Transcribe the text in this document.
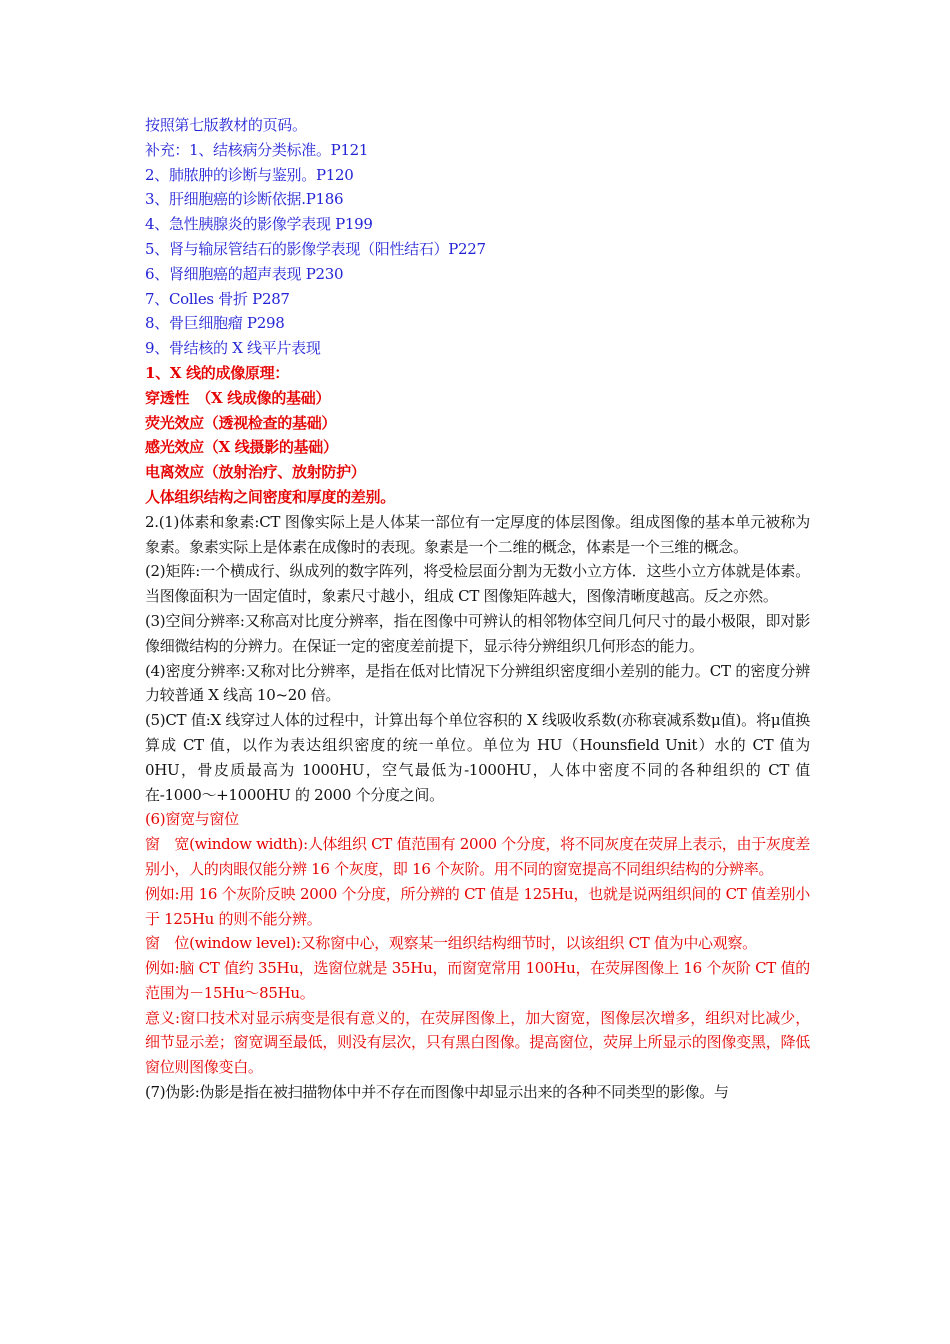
按照第七版教材的页码。
补充：1、结核病分类标准。P121
2、肺脓肿的诊断与鉴别。P120
3、肝细胞癌的诊断依据.P186
4、急性胰腺炎的影像学表现 P199
5、肾与输尿管结石的影像学表现（阳性结石）P227
6、肾细胞癌的超声表现 P230
7、Colles 骨折 P287
8、骨巨细胞瘤 P298
9、骨结核的 X 线平片表现
1、X 线的成像原理：
穿透性　（X 线成像的基础）
荧光效应（透视检查的基础）
感光效应（X 线摄影的基础）
电离效应（放射治疗、放射防护）
人体组织结构之间密度和厚度的差别。
2.(1)体素和象素:CT 图像实际上是人体某一部位有一定厚度的体层图像。组成图像的基本单元被称为象素。象素实际上是体素在成像时的表现。象素是一个二维的概念，体素是一个三维的概念。
(2)矩阵:一个横成行、纵成列的数字阵列，将受检层面分割为无数小立方体．这些小立方体就是体素。当图像面积为一固定值时，象素尺寸越小，组成 CT 图像矩阵越大，图像清晰度越高。反之亦然。
(3)空间分辨率:又称高对比度分辨率，指在图像中可辨认的相邻物体空间几何尺寸的最小极限，即对影像细微结构的分辨力。在保证一定的密度差前提下，显示待分辨组织几何形态的能力。
(4)密度分辨率:又称对比分辨率，是指在低对比情况下分辨组织密度细小差别的能力。CT 的密度分辨力较普通 X 线高 10~20 倍。
(5)CT 值:X 线穿过人体的过程中，计算出每个单位容积的 X 线吸收系数(亦称衰减系数μ值)。将μ值换算成 CT 值，以作为表达组织密度的统一单位。单位为 HU（Hounsfield Unit）水的 CT 值为 0HU，骨皮质最高为 1000HU，空气最低为-1000HU，人体中密度不同的各种组织的 CT 值在-1000～+1000HU 的 2000 个分度之间。
(6)窗宽与窗位
窗　宽(window width):人体组织 CT 值范围有 2000 个分度，将不同灰度在荧屏上表示，由于灰度差别小，人的肉眼仅能分辨 16 个灰度，即 16 个灰阶。用不同的窗宽提高不同组织结构的分辨率。
例如:用 16 个灰阶反映 2000 个分度，所分辨的 CT 值是 125Hu，也就是说两组织间的 CT 值差别小于 125Hu 的则不能分辨。
窗　位(window level):又称窗中心，观察某一组织结构细节时，以该组织 CT 值为中心观察。
例如:脑 CT 值约 35Hu，选窗位就是 35Hu，而窗宽常用 100Hu，在荧屏图像上 16 个灰阶 CT 值的范围为－15Hu～85Hu。
意义:窗口技术对显示病变是很有意义的，在荧屏图像上，加大窗宽，图像层次增多，组织对比减少，细节显示差；窗宽调至最低，则没有层次，只有黑白图像。提高窗位，荧屏上所显示的图像变黑，降低窗位则图像变白。
(7)伪影:伪影是指在被扫描物体中并不存在而图像中却显示出来的各种不同类型的影像。与
